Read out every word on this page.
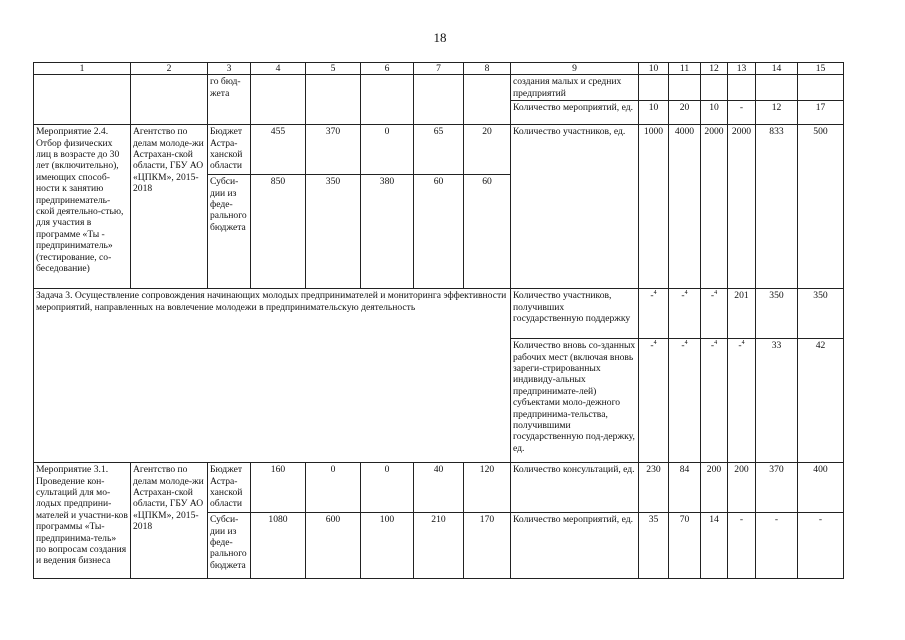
18
1	2	3	4	5	6	7	8	9	10	11	12	13	14	15
		го бюд-жета						создания малых и средних предприятий						
								Количество мероприятий, ед.	10	20	10	-	12	17
Мероприятие 2.4. Отбор физических лиц в возрасте до 30 лет (включительно), имеющих способ-ности к занятию предпринематель-ской деятельно-стью, для участия в программе «Ты - предприниматель» (тестирование, со-беседование)	Агентство по делам молоде-жи Астрахан-ской области, ГБУ АО «ЦПКМ», 2015-2018	Бюджет Астра-ханской области	455	370	0	65	20	Количество участников, ед.	1000	4000	2000	2000	833	500
		Субси-дии из феде-рального бюджета	850	350	380	60	60							
Задача 3. Осуществление сопровождения начинающих молодых предпринимателей и мониторинга эффективности мероприятий, направленных на вовлечение молодежи в предпринимательскую деятельность								Количество участников, получивших государственную поддержку	-$^4$	-$^4$	-$^4$	201	350	350
								Количество вновь со-зданных рабочих мест (включая вновь зареги-стрированных индивиду-альных предпринимате-лей) субъектами моло-дежного предпринима-тельства, получившими государственную под-держку, ед.	-$^4$	-$^4$	-$^4$	-$^4$	33	42
Мероприятие 3.1. Проведение кон-сультаций для мо-лодых предприни-мателей и участни-ков программы «Ты-предпринима-тель» по вопросам создания и ведения бизнеса	Агентство по делам молоде-жи Астрахан-ской области, ГБУ АО «ЦПКМ», 2015-2018	Бюджет Астра-ханской области	160	0	0	40	120	Количество консультаций, ед.	230	84	200	200	370	400
		Субси-дии из феде-рального бюджета	1080	600	100	210	170	Количество мероприятий, ед.	35	70	14	-	-	-
